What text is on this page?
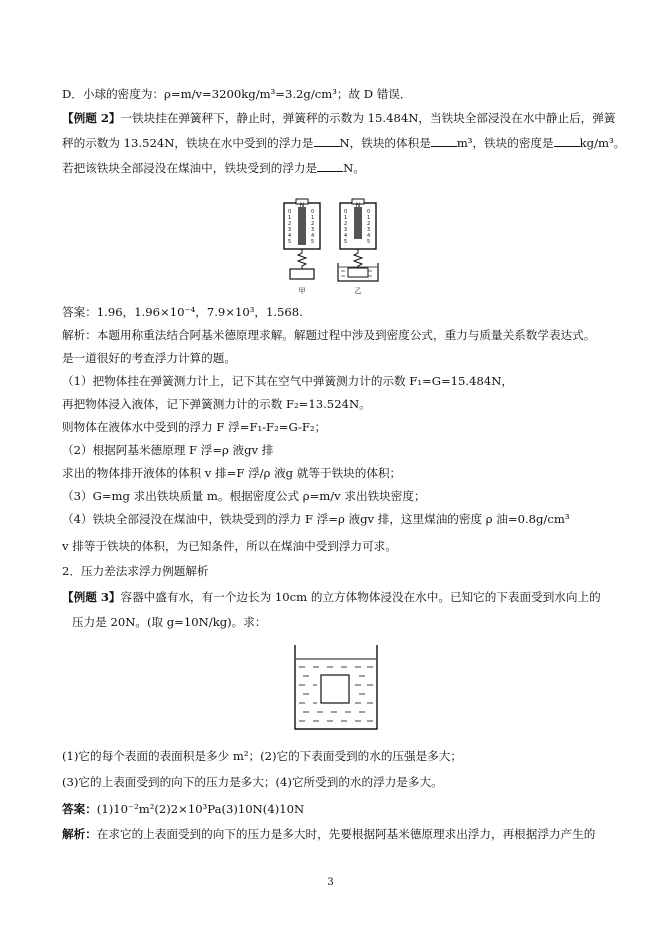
D．小球的密度为：ρ=m/v=3200kg/m³=3.2g/cm³；故 D 错误．
【例题 2】一铁块挂在弹簧秤下，静止时，弹簧秤的示数为 15.484N，当铁块全部浸没在水中静止后，弹簧
秤的示数为 13.524N，铁块在水中受到的浮力是 N，铁块的体积是 m³，铁块的密度是 kg/m³。
若把该铁块全部浸没在煤油中，铁块受到的浮力是 N。
N
0
1
2
3
4
5
0
1
2
3
4
5
甲
N
0
1
2
3
4
5
0
1
2
3
4
5
乙
答案：1.96，1.96×10⁻⁴，7.9×10³，1.568.
解析：本题用称重法结合阿基米德原理求解。解题过程中涉及到密度公式，重力与质量关系数学表达式。
是一道很好的考查浮力计算的题。
（1）把物体挂在弹簧测力计上，记下其在空气中弹簧测力计的示数 F₁=G=15.484N，
再把物体浸入液体，记下弹簧测力计的示数 F₂=13.524N。
则物体在液体水中受到的浮力 F 浮=F₁-F₂=G-F₂；
（2）根据阿基米德原理 F 浮=ρ 液gv 排
求出的物体排开液体的体积 v 排=F 浮/ρ 液g 就等于铁块的体积；
（3）G=mg 求出铁块质量 m。根据密度公式 ρ=m/v 求出铁块密度；
（4）铁块全部浸没在煤油中，铁块受到的浮力 F 浮=ρ 液gv 排，这里煤油的密度 ρ 油=0.8g/cm³
v 排等于铁块的体积，为已知条件，所以在煤油中受到浮力可求。
2．压力差法求浮力例题解析
【例题 3】容器中盛有水，有一个边长为 10cm 的立方体物体浸没在水中。已知它的下表面受到水向上的
压力是 20N。(取 g=10N/kg)。求：
(1)它的每个表面的表面积是多少 m²；(2)它的下表面受到的水的压强是多大；
(3)它的上表面受到的向下的压力是多大；(4)它所受到的水的浮力是多大。
答案：(1)10⁻²m²(2)2×10³Pa(3)10N(4)10N
解析：在求它的上表面受到的向下的压力是多大时，先要根据阿基米德原理求出浮力，再根据浮力产生的
3
